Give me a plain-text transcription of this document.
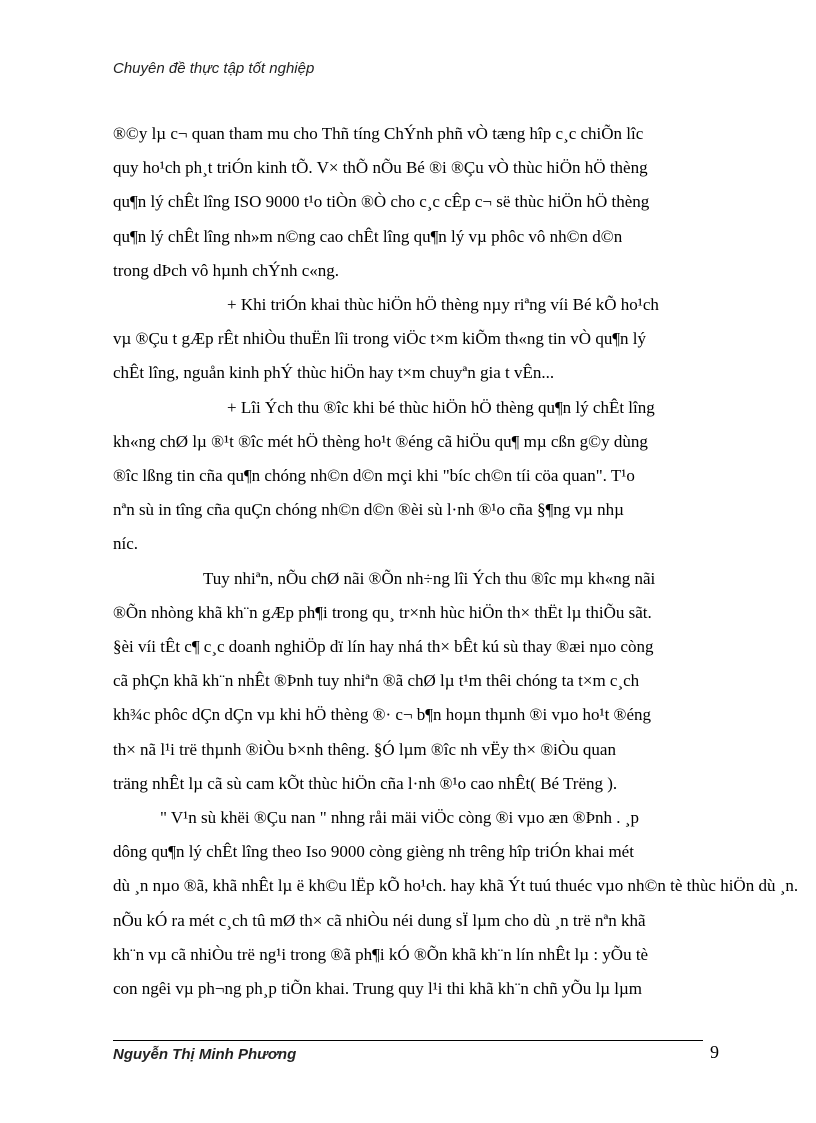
Chuyên đề thực tập tốt nghiệp
®©y lµ c¬ quan tham mu cho Thñ tíng ChÝnh phñ vÒ tæng hîp c¸c chiÕn lîc
quy ho¹ch ph¸t triÓn kinh tÕ. V× thÕ nÕu Bé ®i ®Çu vÒ thùc hiÖn hÖ thèng
qu¶n lý chÊt lîng ISO 9000 t¹o tiÒn ®Ò cho c¸c cÊp c¬ së thùc hiÖn hÖ thèng
qu¶n lý chÊt lîng nh»m n©ng cao chÊt lîng qu¶n lý vµ phôc vô nh©n d©n
trong dÞch vô hµnh chÝnh c«ng.
+ Khi triÓn khai thùc hiÖn hÖ thèng nµy riªng víi Bé kÕ ho¹ch
vµ ®Çu t gÆp rÊt nhiÒu thuËn lîi trong viÖc t×m kiÕm th«ng tin vÒ qu¶n lý
chÊt lîng, nguån kinh phÝ thùc hiÖn hay t×m chuyªn gia t vÊn...
+ Lîi Ých thu ®îc khi bé thùc hiÖn hÖ thèng qu¶n lý chÊt lîng
kh«ng chØ lµ ®¹t ®îc mét hÖ thèng ho¹t ®éng cã hiÖu qu¶ mµ cßn g©y dùng
®îc lßng tin cña qu¶n chóng nh©n d©n mçi khi "bíc ch©n tíi cöa quan". T¹o
nªn sù in tîng cña quÇn chóng nh©n d©n ®èi sù l·nh ®¹o cña §¶ng vµ nhµ
níc.
Tuy nhiªn, nÕu chØ nãi ®Õn nh÷ng lîi Ých thu ®îc mµ kh«ng nãi
®Õn nhòng khã kh¨n gÆp ph¶i trong qu¸ tr×nh hùc hiÖn th× thËt lµ thiÕu sãt.
§èi víi tÊt c¶ c¸c doanh nghiÖp dï lín hay nhá th× bÊt kú sù thay ®æi nµo còng
cã phÇn khã kh¨n nhÊt ®Þnh tuy nhiªn ®ã chØ lµ t¹m thêi chóng ta t×m c¸ch
kh¾c phôc dÇn dÇn vµ khi hÖ thèng ®· c¬ b¶n hoµn thµnh ®i vµo ho¹t ®éng
th× nã l¹i trë thµnh ®iÒu b×nh thêng. §Ó lµm ®îc nh vËy th× ®iÒu quan
träng nhÊt lµ cã sù cam kÕt thùc hiÖn cña l·nh ®¹o cao nhÊt( Bé Trëng ).
" V¹n sù khëi ®Çu nan " nhng råi mäi viÖc còng ®i vµo æn ®Þnh . ¸p
dông qu¶n lý chÊt lîng theo Iso 9000 còng gièng nh trêng hîp triÓn khai mét
dù ¸n nµo ®ã, khã nhÊt lµ ë kh©u lËp kÕ ho¹ch. hay khã Ýt tuú thuéc vµo nh©n tè thùc hiÖn dù ¸n.
nÕu kÓ ra mét c¸ch tû mØ th× cã nhiÒu néi dung sÏ lµm cho dù ¸n trë nªn khã
kh¨n vµ cã nhiÒu trë ng¹i trong ®ã ph¶i kÓ ®Õn khã kh¨n lín nhÊt lµ : yÕu tè
con ngêi vµ ph¬ng ph¸p tiÕn khai. Trung quy l¹i thi khã kh¨n chñ yÕu lµ lµm
Nguyễn Thị Minh Phương	9
